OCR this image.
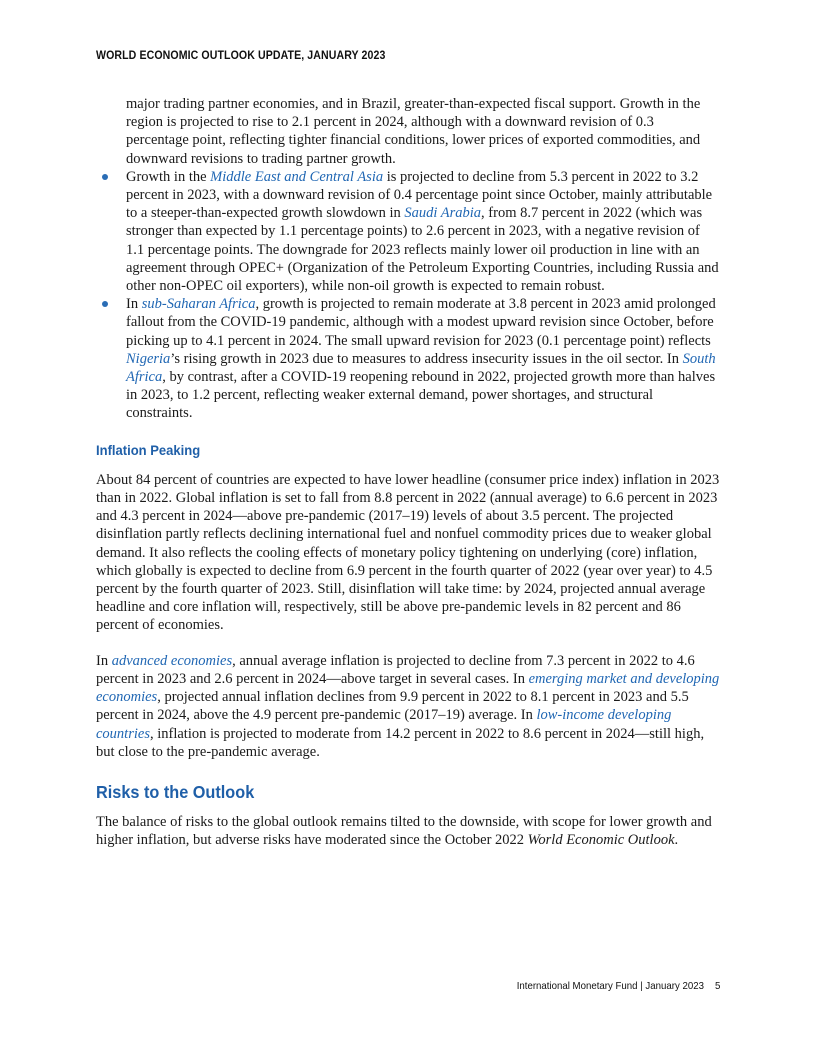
WORLD ECONOMIC OUTLOOK UPDATE, JANUARY 2023

major trading partner economies, and in Brazil, greater-than-expected fiscal support. Growth in the region is projected to rise to 2.1 percent in 2024, although with a downward revision of 0.3 percentage point, reflecting tighter financial conditions, lower prices of exported commodities, and downward revisions to trading partner growth.

Growth in the Middle East and Central Asia is projected to decline from 5.3 percent in 2022 to 3.2 percent in 2023, with a downward revision of 0.4 percentage point since October, mainly attributable to a steeper-than-expected growth slowdown in Saudi Arabia, from 8.7 percent in 2022 (which was stronger than expected by 1.1 percentage points) to 2.6 percent in 2023, with a negative revision of 1.1 percentage points. The downgrade for 2023 reflects mainly lower oil production in line with an agreement through OPEC+ (Organization of the Petroleum Exporting Countries, including Russia and other non-OPEC oil exporters), while non-oil growth is expected to remain robust.
In sub-Saharan Africa, growth is projected to remain moderate at 3.8 percent in 2023 amid prolonged fallout from the COVID-19 pandemic, although with a modest upward revision since October, before picking up to 4.1 percent in 2024. The small upward revision for 2023 (0.1 percentage point) reflects Nigeria’s rising growth in 2023 due to measures to address insecurity issues in the oil sector. In South Africa, by contrast, after a COVID-19 reopening rebound in 2022, projected growth more than halves in 2023, to 1.2 percent, reflecting weaker external demand, power shortages, and structural constraints.
Inflation Peaking

About 84 percent of countries are expected to have lower headline (consumer price index) inflation in 2023 than in 2022. Global inflation is set to fall from 8.8 percent in 2022 (annual average) to 6.6 percent in 2023 and 4.3 percent in 2024—above pre-pandemic (2017–19) levels of about 3.5 percent. The projected disinflation partly reflects declining international fuel and nonfuel commodity prices due to weaker global demand. It also reflects the cooling effects of monetary policy tightening on underlying (core) inflation, which globally is expected to decline from 6.9 percent in the fourth quarter of 2022 (year over year) to 4.5 percent by the fourth quarter of 2023. Still, disinflation will take time: by 2024, projected annual average headline and core inflation will, respectively, still be above pre-pandemic levels in 82 percent and 86 percent of economies.

In advanced economies, annual average inflation is projected to decline from 7.3 percent in 2022 to 4.6 percent in 2023 and 2.6 percent in 2024—above target in several cases. In emerging market and developing economies, projected annual inflation declines from 9.9 percent in 2022 to 8.1 percent in 2023 and 5.5 percent in 2024, above the 4.9 percent pre-pandemic (2017–19) average. In low-income developing countries, inflation is projected to moderate from 14.2 percent in 2022 to 8.6 percent in 2024—still high, but close to the pre-pandemic average.

Risks to the Outlook

The balance of risks to the global outlook remains tilted to the downside, with scope for lower growth and higher inflation, but adverse risks have moderated since the October 2022 World Economic Outlook.

International Monetary Fund | January 2023 5
